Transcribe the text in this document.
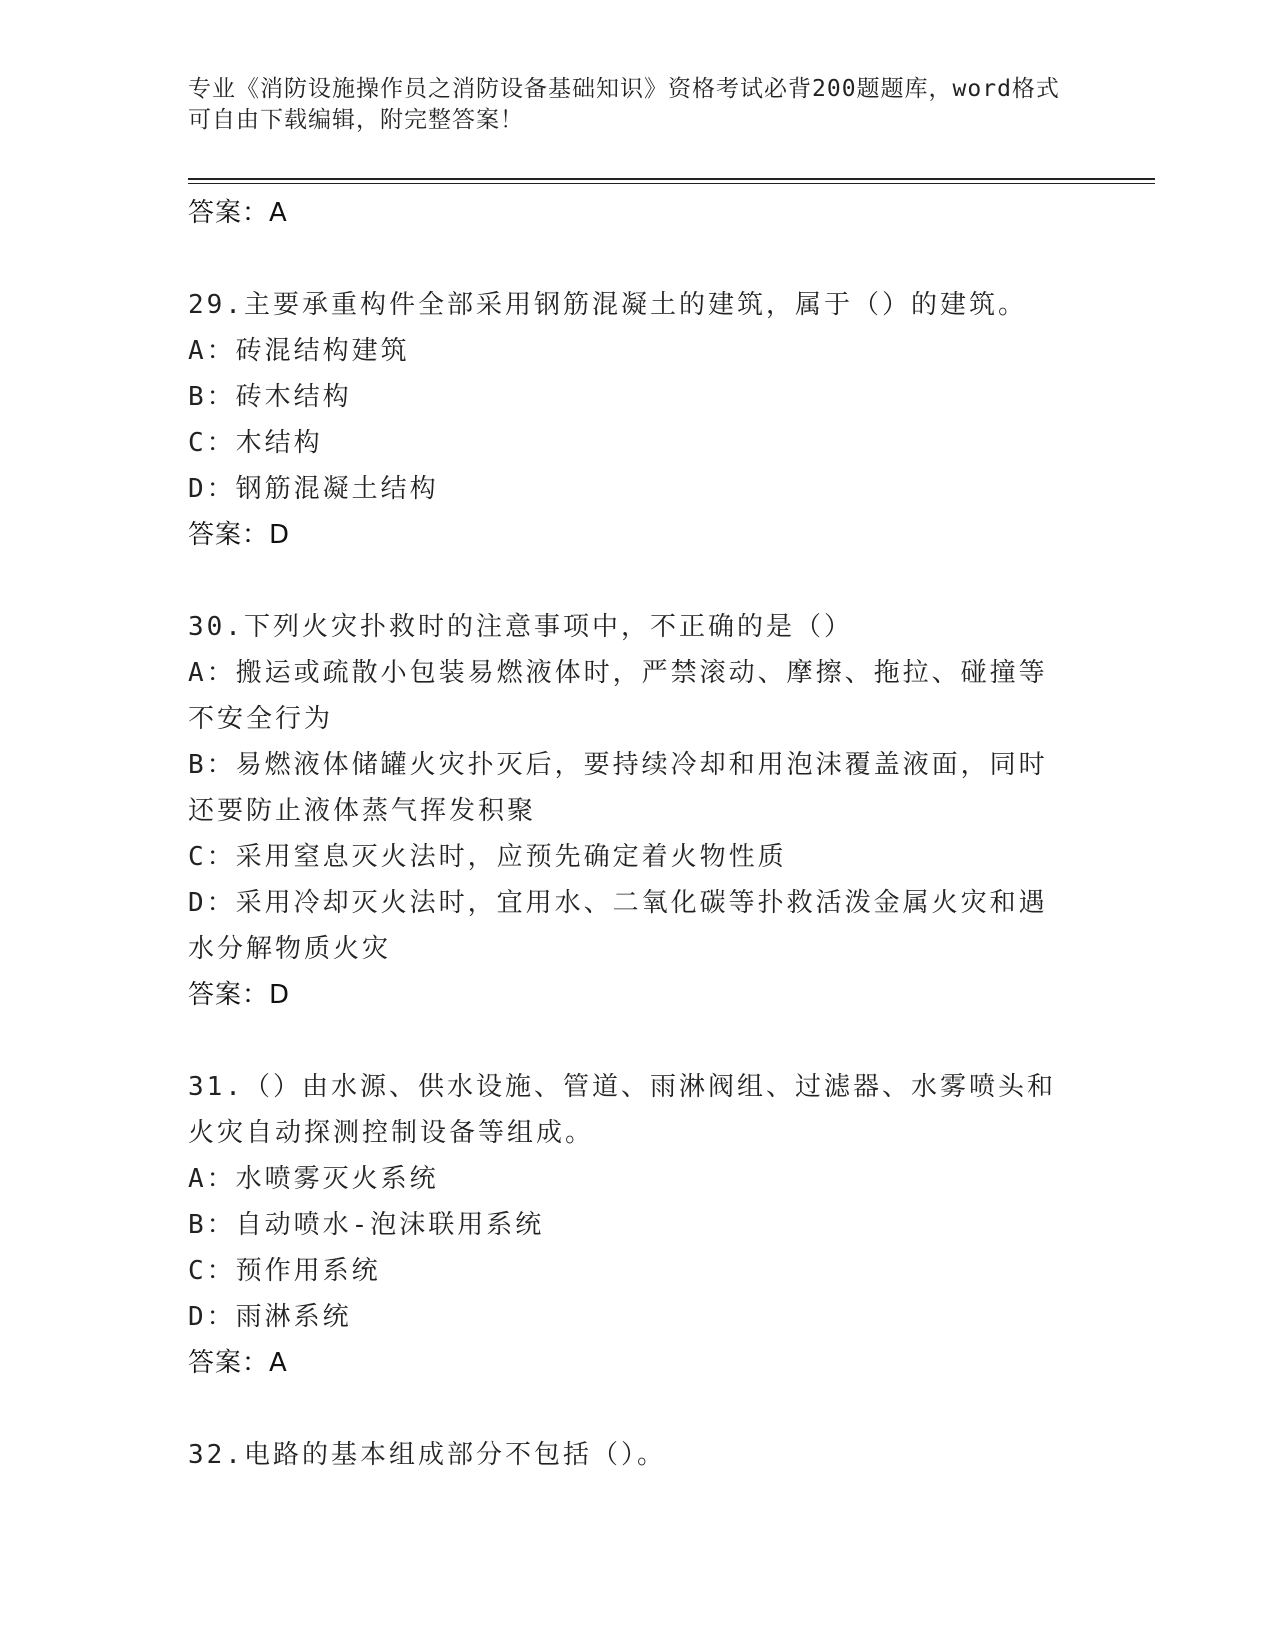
专业《消防设施操作员之消防设备基础知识》资格考试必背200题题库，word格式可自由下载编辑，附完整答案！
答案：A
29.主要承重构件全部采用钢筋混凝土的建筑，属于（）的建筑。
A：砖混结构建筑
B：砖木结构
C：木结构
D：钢筋混凝土结构
答案：D
30.下列火灾扑救时的注意事项中，不正确的是（）
A：搬运或疏散小包装易燃液体时，严禁滚动、摩擦、拖拉、碰撞等不安全行为
B：易燃液体储罐火灾扑灭后，要持续冷却和用泡沫覆盖液面，同时还要防止液体蒸气挥发积聚
C：采用窒息灭火法时，应预先确定着火物性质
D：采用冷却灭火法时，宜用水、二氧化碳等扑救活泼金属火灾和遇水分解物质火灾
答案：D
31.（）由水源、供水设施、管道、雨淋阀组、过滤器、水雾喷头和火灾自动探测控制设备等组成。
A：水喷雾灭火系统
B：自动喷水-泡沫联用系统
C：预作用系统
D：雨淋系统
答案：A
32.电路的基本组成部分不包括（）。
